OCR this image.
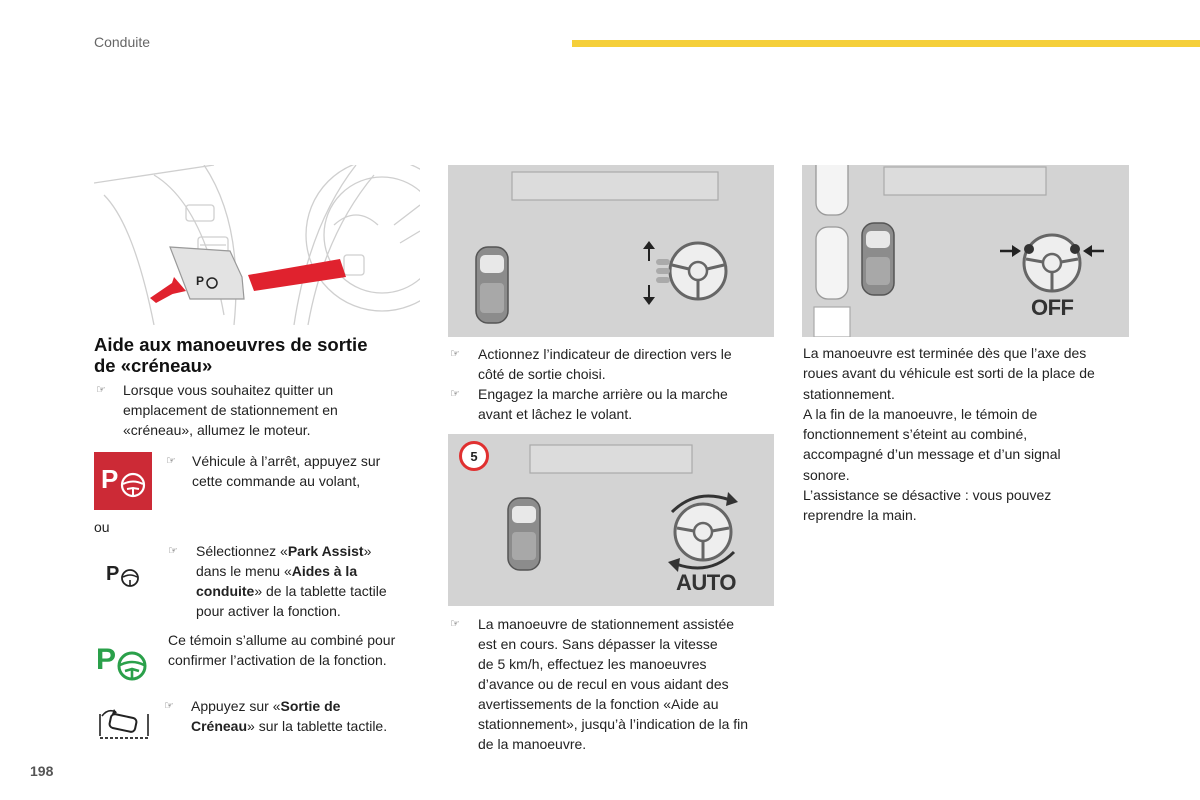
Conduite
198
P
Aide aux manoeuvres de sortie
de «créneau»
☞ Lorsque vous souhaitez quitter un
emplacement de stationnement en
«créneau», allumez le moteur.
P
☞ Véhicule à l’arrêt, appuyez sur
cette commande au volant,
ou
P
☞ Sélectionnez «Park Assist»
dans le menu «Aides à la
conduite» de la tablette tactile
pour activer la fonction.
P
Ce témoin s’allume au combiné pour
confirmer l’activation de la fonction.
☞ Appuyez sur «Sortie de
Créneau» sur la tablette tactile.
☞ Actionnez l’indicateur de direction vers le
côté de sortie choisi.
☞ Engagez la marche arrière ou la marche
avant et lâchez le volant.
5
AUTO
☞ La manoeuvre de stationnement assistée
est en cours. Sans dépasser la vitesse
de 5 km/h, effectuez les manoeuvres
d’avance ou de recul en vous aidant des
avertissements de la fonction «Aide au
stationnement», jusqu’à l’indication de la fin
de la manoeuvre.
OFF
La manoeuvre est terminée dès que l’axe des
roues avant du véhicule est sorti de la place de
stationnement.
A la fin de la manoeuvre, le témoin de
fonctionnement s’éteint au combiné,
accompagné d’un message et d’un signal
sonore.
L’assistance se désactive : vous pouvez
reprendre la main.
